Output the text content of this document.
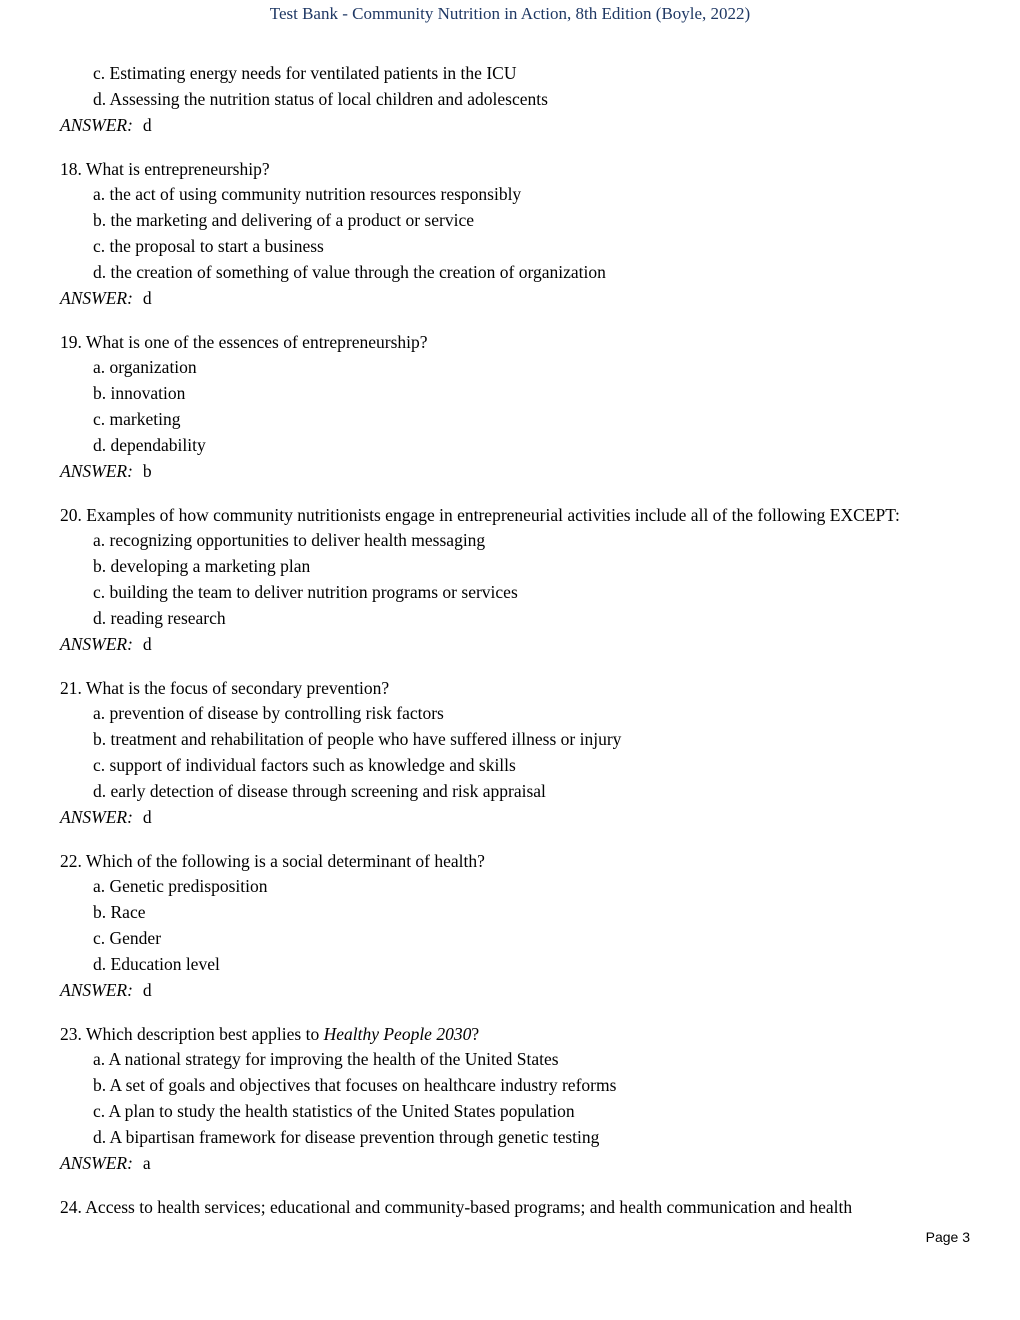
Test Bank - Community Nutrition in Action, 8th Edition (Boyle, 2022)
c. Estimating energy needs for ventilated patients in the ICU
d. Assessing the nutrition status of local children and adolescents
ANSWER: d
18. What is entrepreneurship?
a. the act of using community nutrition resources responsibly
b. the marketing and delivering of a product or service
c. the proposal to start a business
d. the creation of something of value through the creation of organization
ANSWER: d
19. What is one of the essences of entrepreneurship?
a. organization
b. innovation
c. marketing
d. dependability
ANSWER: b
20. Examples of how community nutritionists engage in entrepreneurial activities include all of the following EXCEPT:
a. recognizing opportunities to deliver health messaging
b. developing a marketing plan
c. building the team to deliver nutrition programs or services
d. reading research
ANSWER: d
21. What is the focus of secondary prevention?
a. prevention of disease by controlling risk factors
b. treatment and rehabilitation of people who have suffered illness or injury
c. support of individual factors such as knowledge and skills
d. early detection of disease through screening and risk appraisal
ANSWER: d
22. Which of the following is a social determinant of health?
a. Genetic predisposition
b. Race
c. Gender
d. Education level
ANSWER: d
23. Which description best applies to Healthy People 2030?
a. A national strategy for improving the health of the United States
b. A set of goals and objectives that focuses on healthcare industry reforms
c. A plan to study the health statistics of the United States population
d. A bipartisan framework for disease prevention through genetic testing
ANSWER: a
24. Access to health services; educational and community-based programs; and health communication and health
Page 3
